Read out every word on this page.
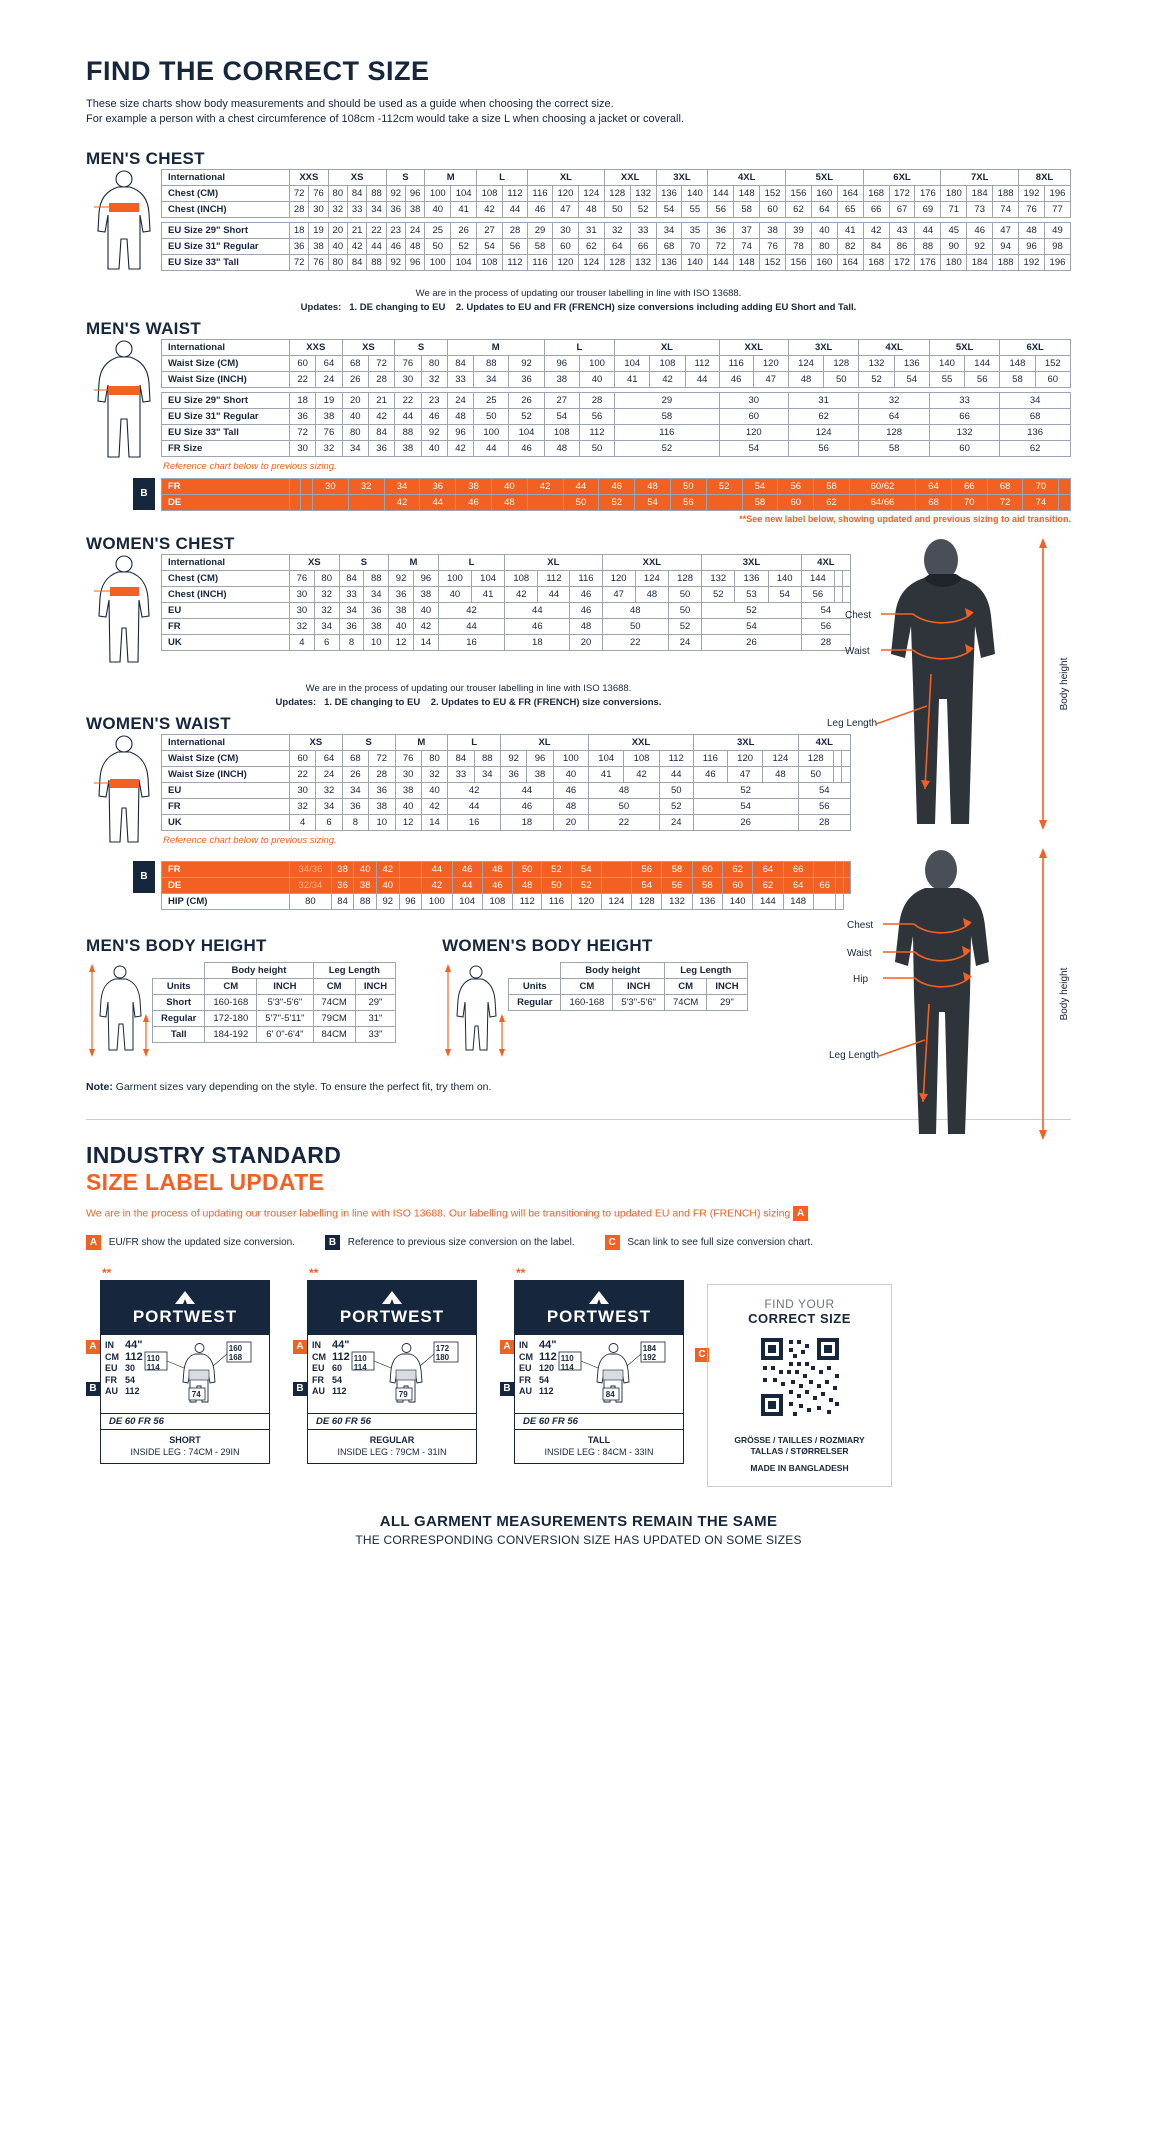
FIND THE CORRECT SIZE

These size charts show body measurements and should be used as a guide when choosing the correct size.
For example a person with a chest circumference of 108cm -112cm would take a size L when choosing a jacket or coverall.

MEN'S CHEST
International	XXS		XS			S		M		L		XL			XXL		3XL		4XL			5XL			6XL			7XL			8XL	
Chest (CM)	72	76	80	84	88	92	96	100	104	108	112	116	120	124	128	132	136	140	144	148	152	156	160	164	168	172	176	180	184	188	192	196
Chest (INCH)	28	30	32	33	34	36	38	40	41	42	44	46	47	48	50	52	54	55	56	58	60	62	64	65	66	67	69	71	73	74	76	77

EU Size 29" Short	18	19	20	21	22	23	24	25	26	27	28	29	30	31	32	33	34	35	36	37	38	39	40	41	42	43	44	45	46	47	48	49
EU Size 31" Regular	36	38	40	42	44	46	48	50	52	54	56	58	60	62	64	66	68	70	72	74	76	78	80	82	84	86	88	90	92	94	96	98
EU Size 33" Tall	72	76	80	84	88	92	96	100	104	108	112	116	120	124	128	132	136	140	144	148	152	156	160	164	168	172	176	180	184	188	192	196
We are in the process of updating our trouser labelling in line with ISO 13688.
Updates: 1. DE changing to EU 2. Updates to EU and FR (FRENCH) size conversions including adding EU Short and Tall.
MEN'S WAIST
International	XXS		XS		S		M			L		XL			XXL		3XL		4XL		5XL		6XL	
Waist Size (CM)	60	64	68	72	76	80	84	88	92	96	100	104	108	112	116	120	124	128	132	136	140	144	148	152
Waist Size (INCH)	22	24	26	28	30	32	33	34	36	38	40	41	42	44	46	47	48	50	52	54	55	56	58	60

EU Size 29" Short	18	19	20	21	22	23	24	25	26	27	28	29			30		31		32		33		34	
EU Size 31" Regular	36	38	40	42	44	46	48	50	52	54	56	58			60		62		64		66		68	
EU Size 33" Tall	72	76	80	84	88	92	96	100	104	108	112	116			120		124		128		132		136	
FR Size	30	32	34	36	38	40	42	44	46	48	50	52			54		56		58		60		62	
Reference chart below to previous sizing.
B
FR			30	32	34	36	38	40	42	44	46	48	50	52	54	56	58	60/62	64	66	68	70	
DE					42	44	46	48		50	52	54	56		58	60	62	64/66	68	70	72	74	
**See new label below, showing updated and previous sizing to aid transition.
Chest
Waist
Leg Length
Body height
Chest
Waist
Hip
Leg Length
Body height
WOMEN'S CHEST
International	XS		S		M		L		XL			XXL			3XL			4XL		
Chest (CM)	76	80	84	88	92	96	100	104	108	112	116	120	124	128	132	136	140	144		
Chest (INCH)	30	32	33	34	36	38	40	41	42	44	46	47	48	50	52	53	54	56		
EU	30	32	34	36	38	40	42		44		46	48		50	52			54		
FR	32	34	36	38	40	42	44		46		48	50		52	54			56		
UK	4	6	8	10	12	14	16		18		20	22		24	26			28		
We are in the process of updating our trouser labelling in line with ISO 13688.
Updates: 1. DE changing to EU 2. Updates to EU & FR (FRENCH) size conversions.
WOMEN'S WAIST
International	XS		S		M		L		XL			XXL			3XL			4XL		
Waist Size (CM)	60	64	68	72	76	80	84	88	92	96	100	104	108	112	116	120	124	128		
Waist Size (INCH)	22	24	26	28	30	32	33	34	36	38	40	41	42	44	46	47	48	50		
EU	30	32	34	36	38	40	42		44		46	48		50	52			54		
FR	32	34	36	38	40	42	44		46		48	50		52	54			56		
UK	4	6	8	10	12	14	16		18		20	22		24	26			28		
Reference chart below to previous sizing.
B
FR	34/36	38	40	42		44	46	48	50	52	54		56	58	60	62	64	66			
DE	32/34	36	38	40		42	44	46	48	50	52		54	56	58	60	62	64	66		
HIP (CM)	80	84	88	92	96	100	104	108	112	116	120	124	128	132	136	140	144	148			
MEN'S BODY HEIGHT
	Body height		Leg Length	
Units	CM	INCH	CM	INCH
Short	160-168	5'3"-5'6"	74CM	29"
Regular	172-180	5'7"-5'11"	79CM	31"
Tall	184-192	6' 0"-6'4"	84CM	33"
WOMEN'S BODY HEIGHT
	Body height		Leg Length	
Units	CM	INCH	CM	INCH
Regular	160-168	5'3"-5'6"	74CM	29"

Note: Garment sizes vary depending on the style. To ensure the perfect fit, try them on.

INDUSTRY STANDARD
SIZE LABEL UPDATE
We are in the process of updating our trouser labelling in line with ISO 13688. Our labelling will be transitioning to updated EU and FR (FRENCH) sizing A
A EU/FR show the updated size conversion.	B Reference to previous size conversion on the label.	C Scan link to see full size conversion chart.
**
PORTWEST
IN 44"
CM 112
EU 30
FR 54
AU 112
110
114
160
168
74
DE 60 FR 56
SHORT
INSIDE LEG : 74CM - 29IN
A
B
**
PORTWEST
IN 44"
CM 112
EU 60
FR 54
AU 112
110
114
172
180
79
DE 60 FR 56
REGULAR
INSIDE LEG : 79CM - 31IN
A
B
**
PORTWEST
IN 44"
CM 112
EU 120
FR 54
AU 112
110
114
184
192
84
DE 60 FR 56
TALL
INSIDE LEG : 84CM - 33IN
A
B
C
FIND YOUR
CORRECT SIZE
GRÖSSE / TAILLES / ROZMIARY
TALLAS / STØRRELSER
MADE IN BANGLADESH
ALL GARMENT MEASUREMENTS REMAIN THE SAME
THE CORRESPONDING CONVERSION SIZE HAS UPDATED ON SOME SIZES
